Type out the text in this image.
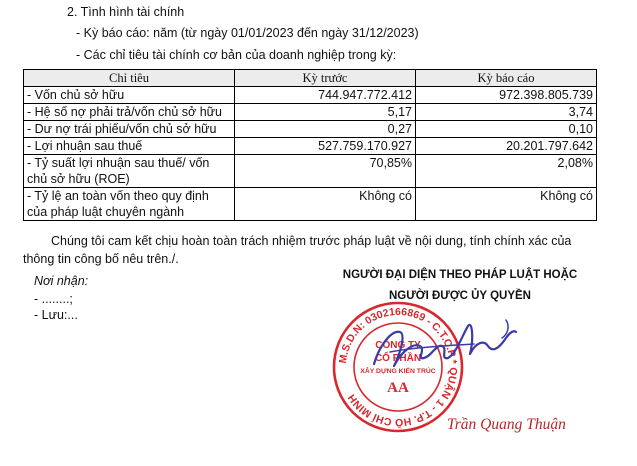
2. Tình hình tài chính
- Kỳ báo cáo: năm (từ ngày 01/01/2023 đến ngày 31/12/2023)
- Các chỉ tiêu tài chính cơ bản của doanh nghiệp trong kỳ:
Chỉ tiêu	Kỳ trước	Kỳ báo cáo
- Vốn chủ sở hữu	744.947.772.412	972.398.805.739
- Hệ số nợ phải trả/vốn chủ sở hữu	5,17	3,74
- Dư nợ trái phiếu/vốn chủ sở hữu	0,27	0,10
- Lợi nhuận sau thuế	527.759.170.927	20.201.797.642
- Tỷ suất lợi nhuận sau thuế/ vốn chủ sở hữu (ROE)	70,85%	2,08%
- Tỷ lệ an toàn vốn theo quy định của pháp luật chuyên ngành	Không có	Không có
Chúng tôi cam kết chịu hoàn toàn trách nhiệm trước pháp luật về nội dung, tính chính xác của
thông tin công bố nêu trên./.
Nơi nhận:
- ........;
- Lưu:...
NGƯỜI ĐẠI DIỆN THEO PHÁP LUẬT HOẶC
NGƯỜI ĐƯỢC ỦY QUYỀN
M.S.D.N: 0302166869 - C.T.C.P * QUẬN 1 - T.P. HỒ CHÍ MINH
CÔNG TY
CỔ PHẦN
XÂY DỰNG KIẾN TRÚC
AA
Trần Quang Thuận
